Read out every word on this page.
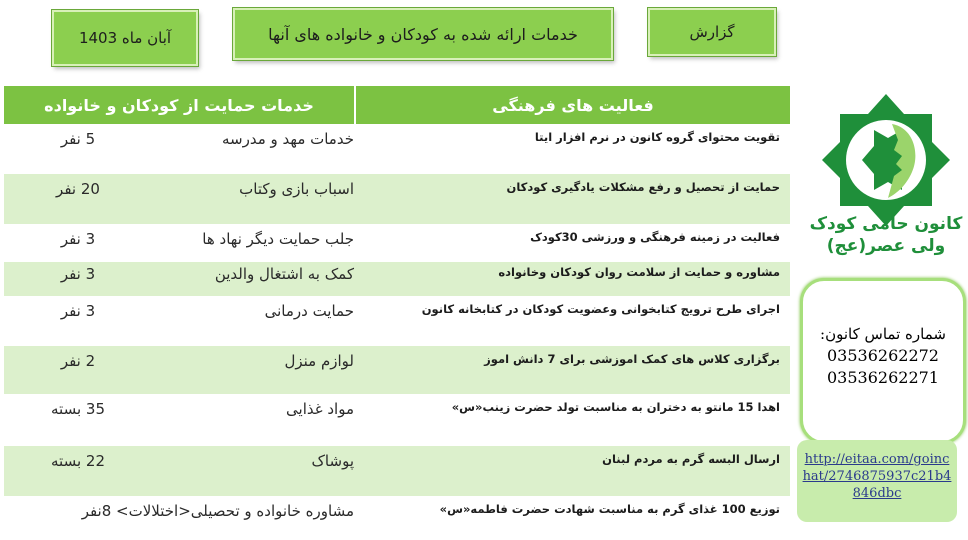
گزارش
خدمات ارائه شده به کودکان و خانواده های آنها
آبان ماه 1403
فعالیت های فرهنگی
خدمات حمایت از کودکان و خانواده
تقویت محتوای گروه کانون در نرم افزار ایتا
خدمات مهد و مدرسه
5 نفر
حمایت از تحصیل و رفع مشکلات یادگیری کودکان
اسباب بازی وکتاب
20 نفر
فعالیت در زمینه فرهنگی و ورزشی 30کودک
جلب حمایت دیگر نهاد ها
3 نفر
مشاوره و حمایت از سلامت روان کودکان وخانواده
کمک به اشتغال والدین
3 نفر
اجرای طرح ترویج کتابخوانی وعضویت کودکان در کتابخانه کانون
حمایت درمانی
3 نفر
برگزاری کلاس های کمک اموزشی برای 7 دانش اموز
لوازم منزل
2 نفر
اهدا 15 مانتو به دختران به مناسبت تولد حضرت زینب«س»
مواد غذایی
35 بسته
ارسال البسه گرم به مردم لبنان
پوشاک
22 بسته
توزیع 100 غذای گرم به مناسبت شهادت حضرت فاطمه«س»
مشاوره خانواده و تحصیلی<اختلالات> 8نفر
کانون حامی کودک
ولی عصر(عج)
شماره تماس کانون:
03536262272
03536262271
http://eitaa.com/goinchat/2746875937c21b4846dbc
